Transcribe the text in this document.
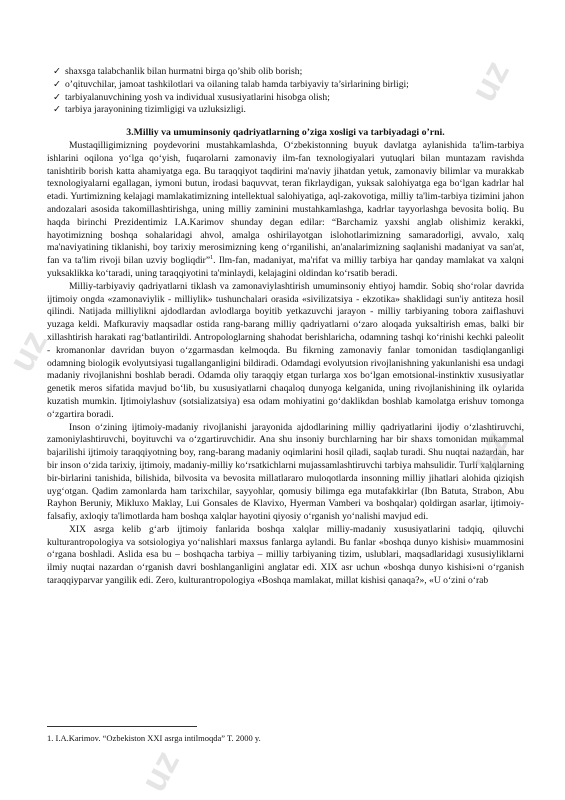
✓ shaxsga talabchanlik bilan hurmatni birga qo’shib olib borish;
✓ o’qituvchilar, jamoat tashkilotlari va oilaning talab hamda tarbiyaviy ta’sirlarining birligi;
✓ tarbiyalanuvchining yosh va individual xususiyatlarini hisobga olish;
✓ tarbiya jarayonining tizimligigi va uzluksizligi.
3.Milliy va umuminsoniy qadriyatlarning o’ziga xosligi va tarbiyadagi o’rni.
Mustaqilligimizning poydevorini mustahkamlashda, O‘zbekistonning buyuk davlatga aylanishida ta'lim-tarbiya ishlarini oqilona yo‘lga qo‘yish, fuqarolarni zamonaviy ilm-fan texnologiyalari yutuqlari bilan muntazam ravishda tanishtirib borish katta ahamiyatga ega. Bu taraqqiyot taqdirini ma'naviy jihatdan yetuk, zamonaviy bilimlar va murakkab texnologiyalarni egallagan, iymoni butun, irodasi baquvvat, teran fikrlaydigan, yuksak salohiyatga ega bo‘lgan kadrlar hal etadi. Yurtimizning kelajagi mamlakatimizning intellektual salohiyatiga, aql-zakovotiga, milliy ta'lim-tarbiya tizimini jahon andozalari asosida takomillashtirishga, uning milliy zaminini mustahkamlashga, kadrlar tayyorlashga bevosita boliq. Bu haqda birinchi Prezidentimiz I.A.Karimov shunday degan edilar: “Barchamiz yaxshi anglab olishimiz kerakki, hayotimizning boshqa sohalaridagi ahvol, amalga oshirilayotgan islohotlarimizning samaradorligi, avvalo, xalq ma'naviyatining tiklanishi, boy tarixiy merosimizning keng o‘rganilishi, an'analarimizning saqlanishi madaniyat va san'at, fan va ta'lim rivoji bilan uzviy bogliqdir”$^1$. Ilm-fan, madaniyat, ma'rifat va milliy tarbiya har qanday mamlakat va xalqni yuksaklikka ko‘taradi, uning taraqqiyotini ta'minlaydi, kelajagini oldindan ko‘rsatib beradi.
Milliy-tarbiyaviy qadriyatlarni tiklash va zamonaviylashtirish umuminsoniy ehtiyoj hamdir. Sobiq sho‘rolar davrida ijtimoiy ongda «zamonaviylik - milliylik» tushunchalari orasida «sivilizatsiya - ekzotika» shaklidagi sun'iy antiteza hosil qilindi. Natijada milliylikni ajdodlardan avlodlarga boyitib yetkazuvchi jarayon - milliy tarbiyaning tobora zaiflashuvi yuzaga keldi. Mafkuraviy maqsadlar ostida rang-barang milliy qadriyatlarni o‘zaro aloqada yuksaltirish emas, balki bir xillashtirish harakati rag‘batlantirildi. Antropologlarning shahodat berishlaricha, odamning tashqi ko‘rinishi kechki paleolit - kromanonlar davridan buyon o‘zgarmasdan kelmoqda. Bu fikrning zamonaviy fanlar tomonidan tasdiqlanganligi odamning biologik evolyutsiyasi tugallanganligini bildiradi. Odamdagi evolyutsion rivojlanishning yakunlanishi esa undagi madaniy rivojlanishni boshlab beradi. Odamda oliy taraqqiy etgan turlarga xos bo‘lgan emotsional-instinktiv xususiyatlar genetik meros sifatida mavjud bo‘lib, bu xususiyatlarni chaqaloq dunyoga kelganida, uning rivojlanishining ilk oylarida kuzatish mumkin. Ijtimoiylashuv (sotsializatsiya) esa odam mohiyatini go‘daklikdan boshlab kamolatga erishuv tomonga o‘zgartira boradi.
Inson o‘zining ijtimoiy-madaniy rivojlanishi jarayonida ajdodlarining milliy qadriyatlarini ijodiy o‘zlashtiruvchi, zamoniylashtiruvchi, boyituvchi va o‘zgartiruvchidir. Ana shu insoniy burchlarning har bir shaxs tomonidan mukammal bajarilishi ijtimoiy taraqqiyotning boy, rang-barang madaniy oqimlarini hosil qiladi, saqlab turadi. Shu nuqtai nazardan, har bir inson o‘zida tarixiy, ijtimoiy, madaniy-milliy ko‘rsatkichlarni mujassamlashtiruvchi tarbiya mahsulidir. Turli xalqlarning bir-birlarini tanishida, bilishida, bilvosita va bevosita millatlararo muloqotlarda insonning milliy jihatlari alohida qiziqish uyg‘otgan. Qadim zamonlarda ham tarixchilar, sayyohlar, qomusiy bilimga ega mutafakkirlar (Ibn Batuta, Strabon, Abu Rayhon Beruniy, Mikluxo Maklay, Lui Gonsales de Klavixo, Hyerman Vamberi va boshqalar) qoldirgan asarlar, ijtimoiy-falsafiy, axloqiy ta'limotlarda ham boshqa xalqlar hayotini qiyosiy o‘rganish yo‘nalishi mavjud edi.
XIX asrga kelib g‘arb ijtimoiy fanlarida boshqa xalqlar milliy-madaniy xususiyatlarini tadqiq, qiluvchi kulturantropologiya va sotsiologiya yo‘nalishlari maxsus fanlarga aylandi. Bu fanlar «boshqa dunyo kishisi» muammosini o‘rgana boshladi. Aslida esa bu – boshqacha tarbiya – milliy tarbiyaning tizim, uslublari, maqsadlaridagi xususiyliklarni ilmiy nuqtai nazardan o‘rganish davri boshlanganligini anglatar edi. XIX asr uchun «boshqa dunyo kishisi»ni o‘rganish taraqqiyparvar yangilik edi. Zero, kulturantropologiya «Boshqa mamlakat, millat kishisi qanaqa?», «U o‘zini o‘rab
1. I.A.Karimov. “Ozbekiston XXI asrga intilmoqda” T. 2000 y.
uz
uz
uz
uz
